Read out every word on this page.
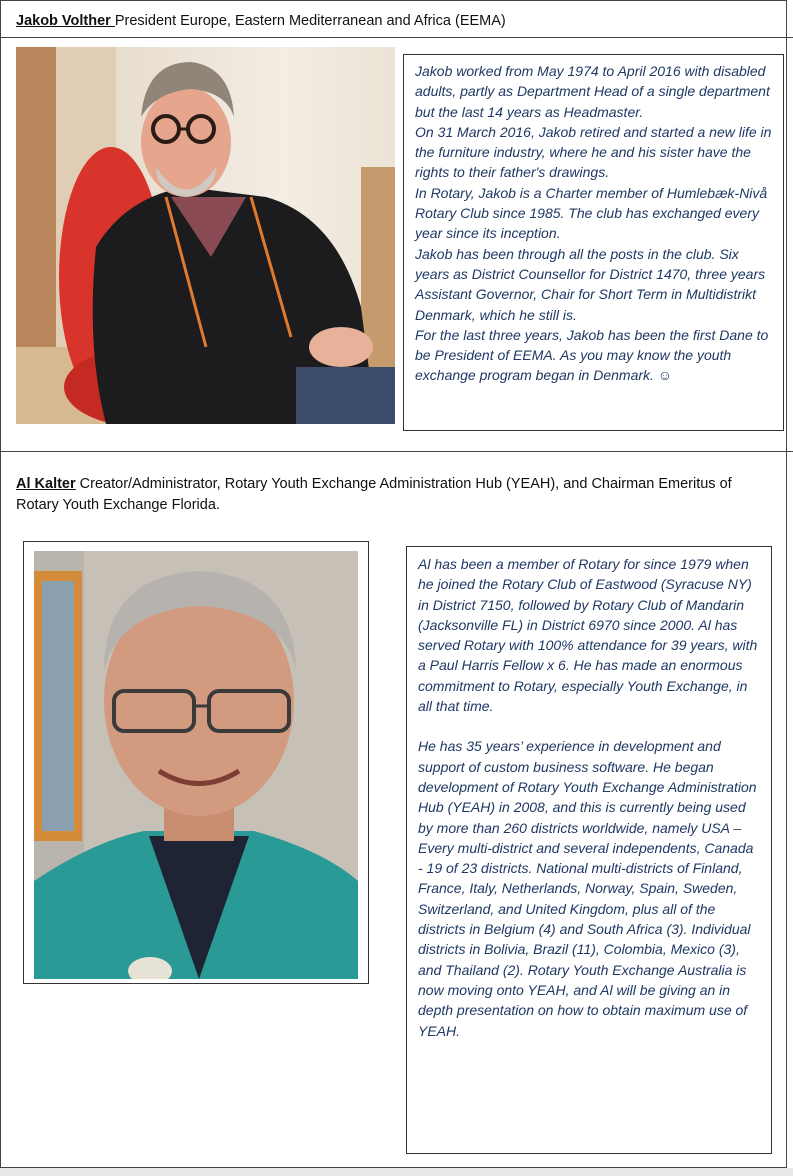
Jakob Volther President Europe, Eastern Mediterranean and Africa (EEMA)

Jakob worked from May 1974 to April 2016 with disabled adults, partly as Department Head of a single department but the last 14 years as Headmaster.

On 31 March 2016, Jakob retired and started a new life in the furniture industry, where he and his sister have the rights to their father's drawings.

In Rotary, Jakob is a Charter member of Humlebæk-Nivå Rotary Club since 1985. The club has exchanged every year since its inception.

Jakob has been through all the posts in the club. Six years as District Counsellor for District 1470, three years Assistant Governor, Chair for Short Term in Multidistrikt Denmark, which he still is.

For the last three years, Jakob has been the first Dane to be President of EEMA. As you may know the youth exchange program began in Denmark. ☺

Al Kalter Creator/Administrator, Rotary Youth Exchange Administration Hub (YEAH), and Chairman Emeritus of Rotary Youth Exchange Florida.

Al has been a member of Rotary for since 1979 when he joined the Rotary Club of Eastwood (Syracuse NY) in District 7150, followed by Rotary Club of Mandarin (Jacksonville FL) in District 6970 since 2000. Al has served Rotary with 100% attendance for 39 years, with a Paul Harris Fellow x 6. He has made an enormous commitment to Rotary, especially Youth Exchange, in all that time.

He has 35 years’ experience in development and support of custom business software. He began development of Rotary Youth Exchange Administration Hub (YEAH) in 2008, and this is currently being used by more than 260 districts worldwide, namely USA – Every multi-district and several independents, Canada - 19 of 23 districts. National multi-districts of Finland, France, Italy, Netherlands, Norway, Spain, Sweden, Switzerland, and United Kingdom, plus all of the districts in Belgium (4) and South Africa (3). Individual districts in Bolivia, Brazil (11), Colombia, Mexico (3), and Thailand (2). Rotary Youth Exchange Australia is now moving onto YEAH, and Al will be giving an in depth presentation on how to obtain maximum use of YEAH.
